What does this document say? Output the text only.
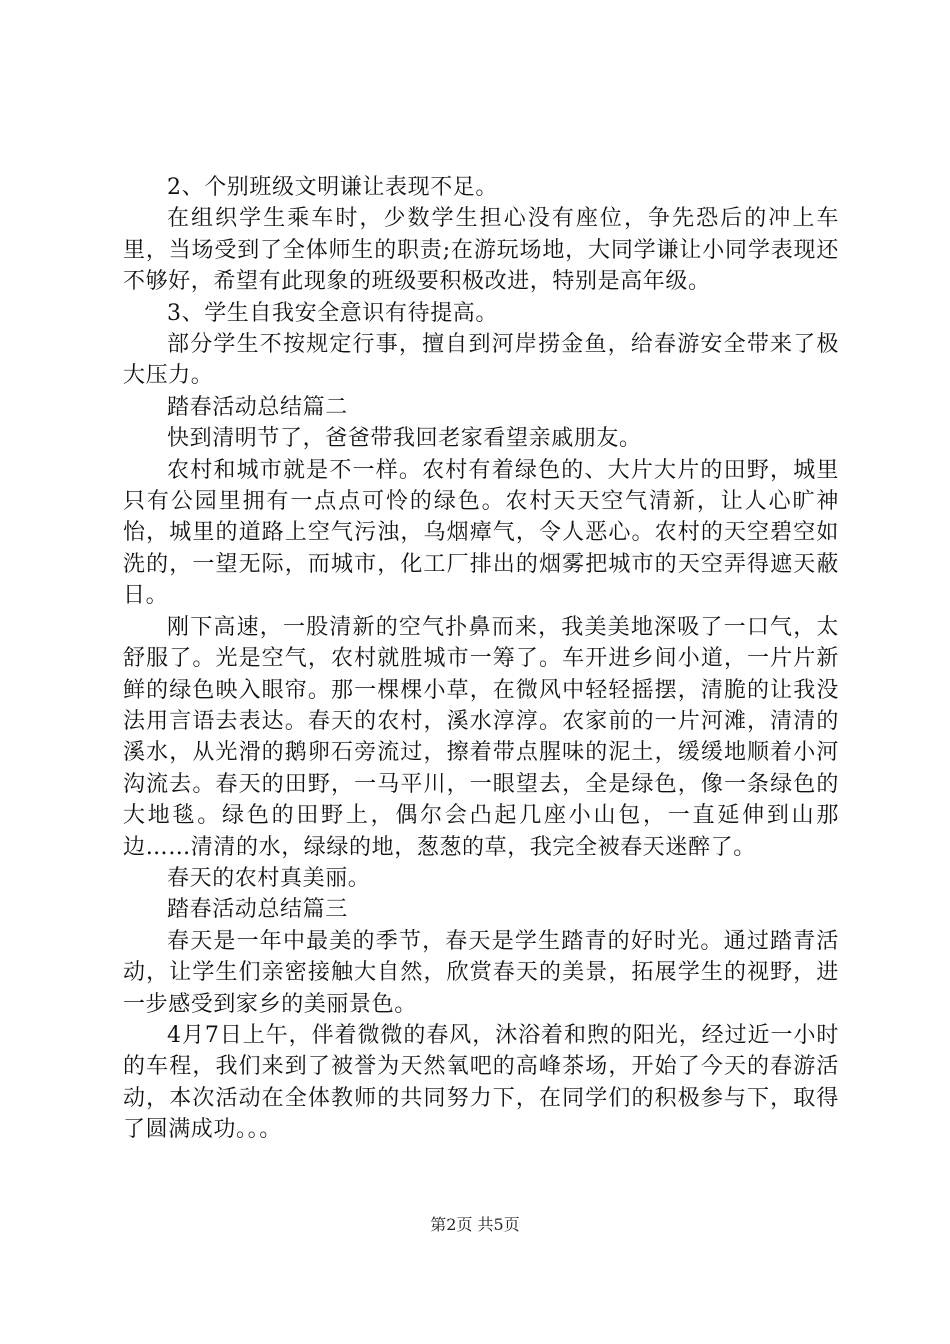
2、个别班级文明谦让表现不足。

在组织学生乘车时，少数学生担心没有座位，争先恐后的冲上车里，当场受到了全体师生的职责;在游玩场地，大同学谦让小同学表现还不够好，希望有此现象的班级要积极改进，特别是高年级。

3、学生自我安全意识有待提高。

部分学生不按规定行事，擅自到河岸捞金鱼，给春游安全带来了极大压力。

踏春活动总结篇二

快到清明节了，爸爸带我回老家看望亲戚朋友。

农村和城市就是不一样。农村有着绿色的、大片大片的田野，城里只有公园里拥有一点点可怜的绿色。农村天天空气清新，让人心旷神怡，城里的道路上空气污浊，乌烟瘴气，令人恶心。农村的天空碧空如洗的，一望无际，而城市，化工厂排出的烟雾把城市的天空弄得遮天蔽日。

刚下高速，一股清新的空气扑鼻而来，我美美地深吸了一口气，太舒服了。光是空气，农村就胜城市一筹了。车开进乡间小道，一片片新鲜的绿色映入眼帘。那一棵棵小草，在微风中轻轻摇摆，清脆的让我没法用言语去表达。春天的农村，溪水淳淳。农家前的一片河滩，清清的溪水，从光滑的鹅卵石旁流过，擦着带点腥味的泥土，缓缓地顺着小河沟流去。春天的田野，一马平川，一眼望去，全是绿色，像一条绿色的大地毯。绿色的田野上，偶尔会凸起几座小山包，一直延伸到山那边……清清的水，绿绿的地，葱葱的草，我完全被春天迷醉了。

春天的农村真美丽。

踏春活动总结篇三

春天是一年中最美的季节，春天是学生踏青的好时光。通过踏青活动，让学生们亲密接触大自然，欣赏春天的美景，拓展学生的视野，进一步感受到家乡的美丽景色。

4月7日上午，伴着微微的春风，沐浴着和煦的阳光，经过近一小时的车程，我们来到了被誉为天然氧吧的高峰茶场，开始了今天的春游活动，本次活动在全体教师的共同努力下，在同学们的积极参与下，取得了圆满成功。。。

第2页 共5页
